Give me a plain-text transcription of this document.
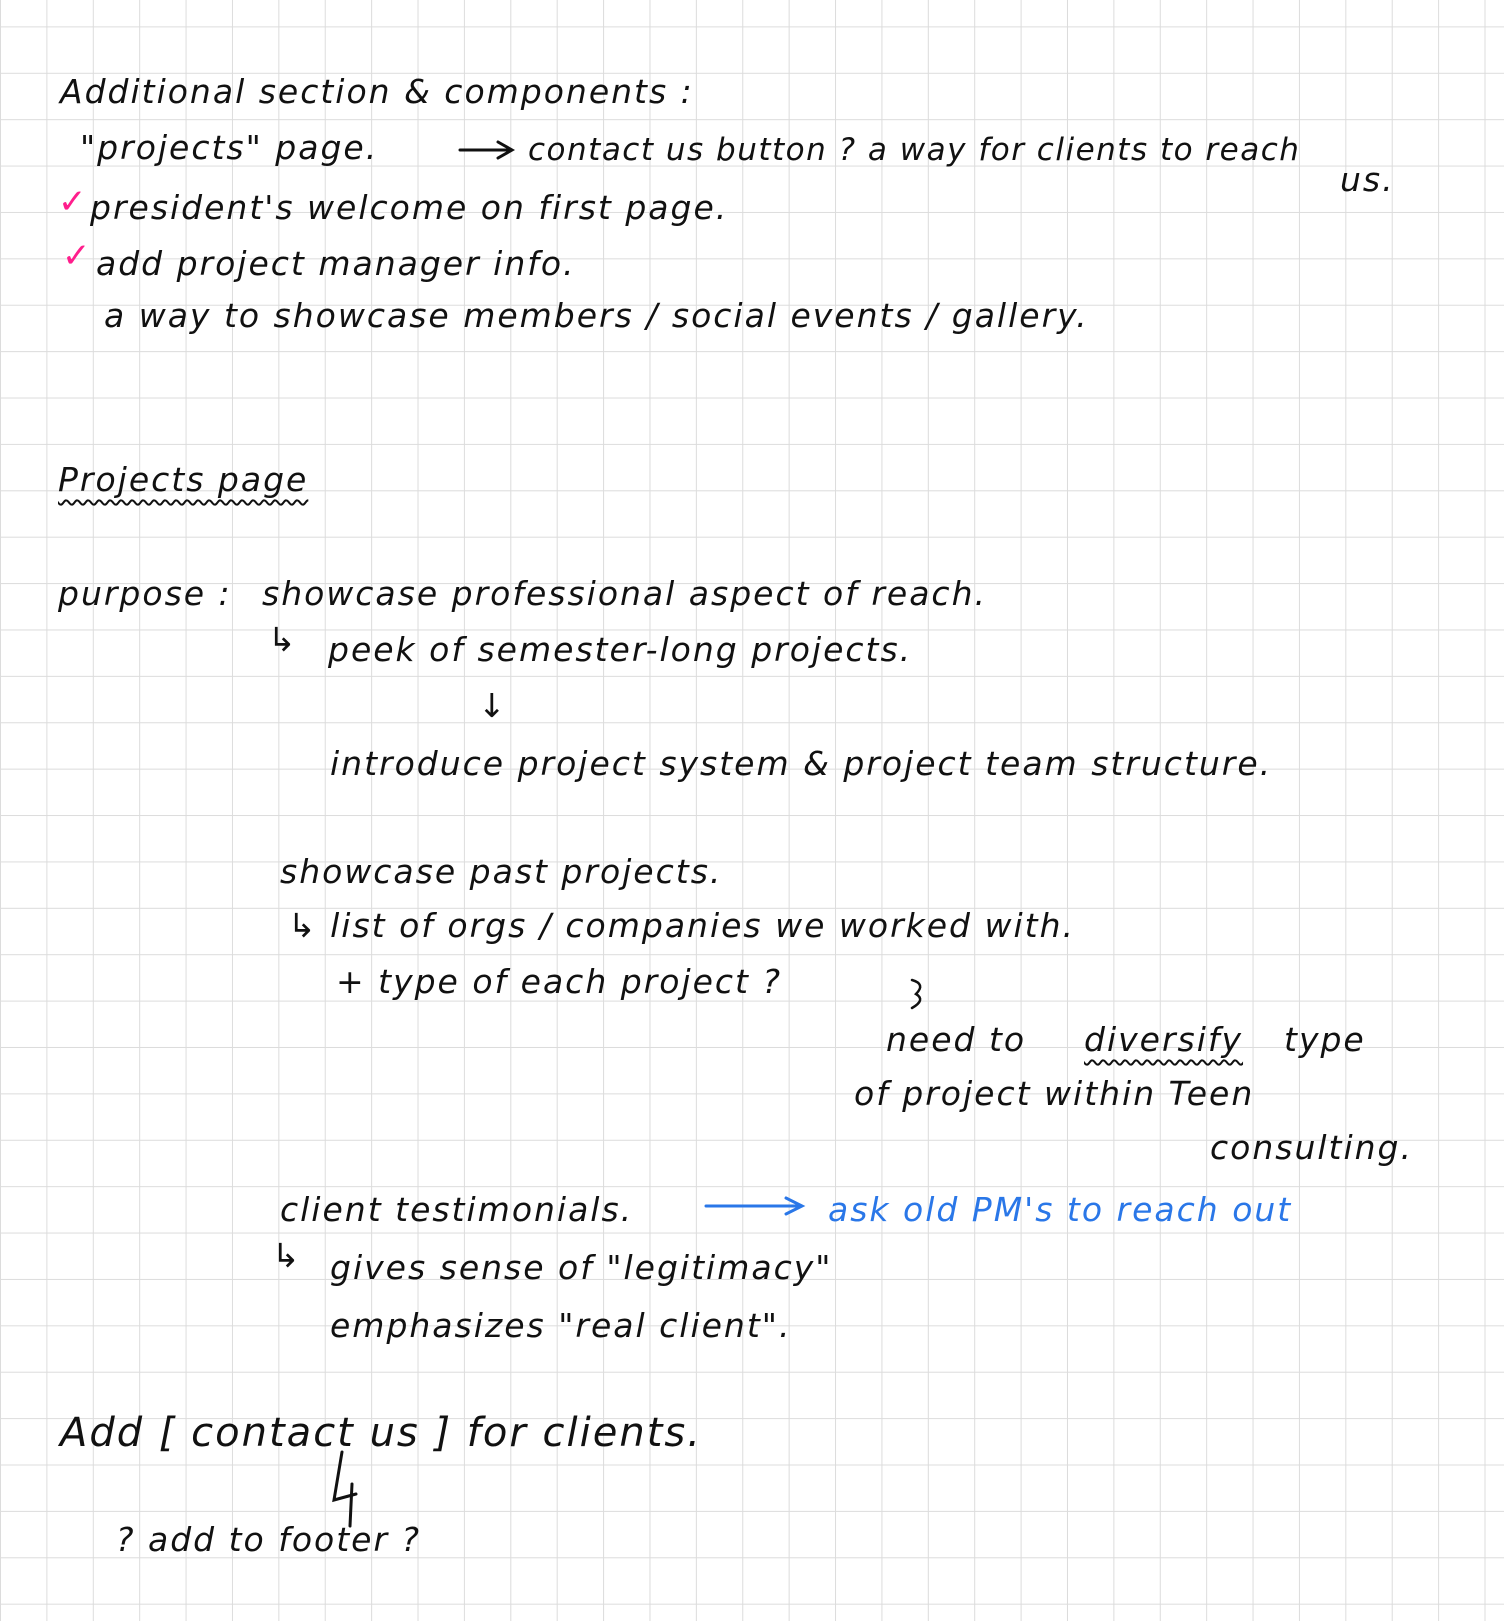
Additional section & components :
"projects" page.	contact us button ? a way for clients to reach
us.
✓ president's welcome on first page.
✓ add project manager info.
a way to showcase members / social events / gallery.
Projects page
purpose : showcase professional aspect of reach.
↳ peek of semester-long projects.
↓
introduce project system & project team structure.
showcase past projects.
↳ list of orgs / companies we worked with.
+ type of each project ?
need to diversify type
of project within Teen
consulting.
client testimonials.	ask old PM's to reach out
↳ gives sense of "legitimacy"
emphasizes "real client".
Add [ contact us ] for clients.
? add to footer ?
